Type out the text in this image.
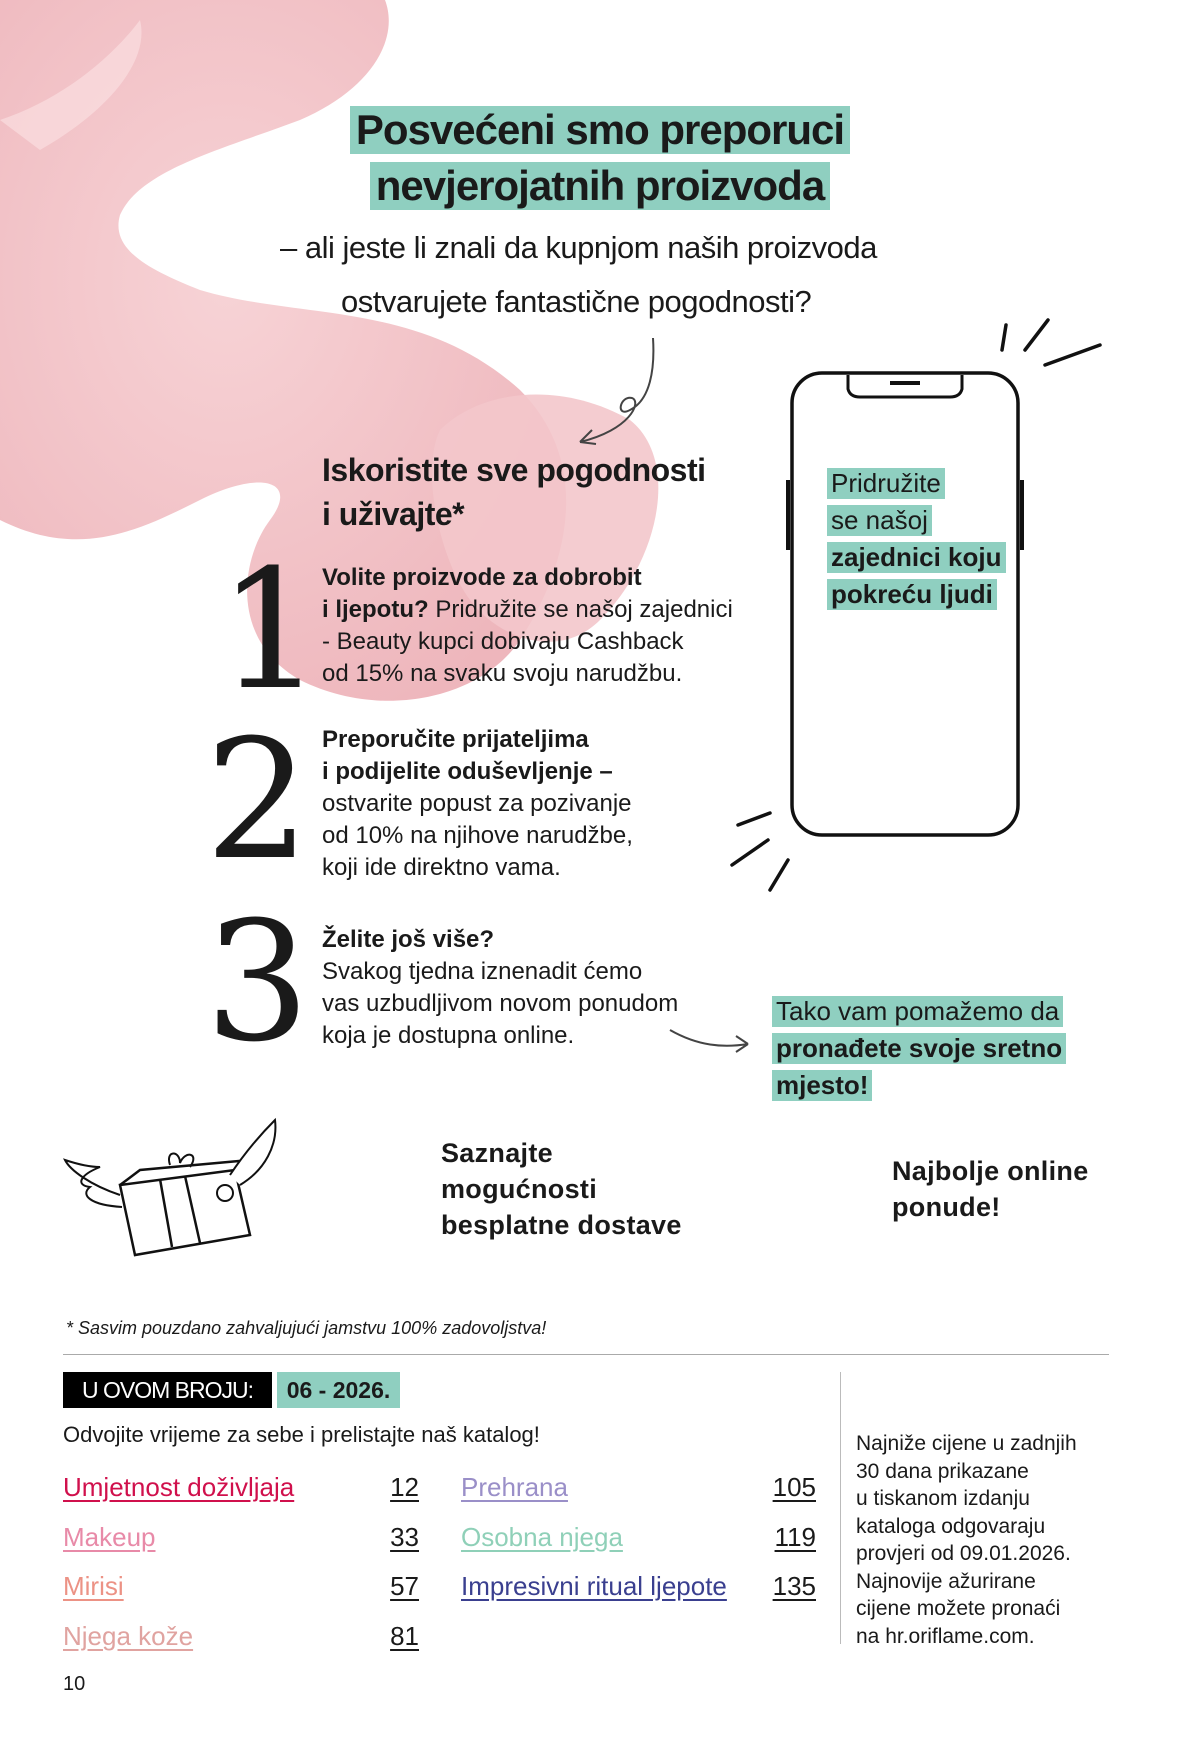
Posvećeni smo preporuci
nevjerojatnih proizvoda
– ali jeste li znali da kupnjom naših proizvoda
ostvarujete fantastične pogodnosti?
Iskoristite sve pogodnosti
i uživajte*
1 Volite proizvode za dobrobit
i ljepotu? Pridružite se našoj zajednici
- Beauty kupci dobivaju Cashback
od 15% na svaku svoju narudžbu.
2 Preporučite prijateljima
i podijelite oduševljenje –
ostvarite popust za pozivanje
od 10% na njihove narudžbe,
koji ide direktno vama.
3 Želite još više?
Svakog tjedna iznenadit ćemo
vas uzbudljivom novom ponudom
koja je dostupna online.
Pridružite
se našoj
zajednici koju
pokreću ljudi
Tako vam pomažemo da
pronađete svoje sretno
mjesto!
Saznajte
mogućnosti
besplatne dostave
Najbolje online
ponude!
* Sasvim pouzdano zahvaljujući jamstvu 100% zadovoljstva!
U OVOM BROJU:	06 - 2026.
Odvojite vrijeme za sebe i prelistajte naš katalog!
Umjetnost doživljaja	12
Makeup	33
Mirisi	57
Njega kože	81
Prehrana	105
Osobna njega	119
Impresivni ritual ljepote	135
Najniže cijene u zadnjih
30 dana prikazane
u tiskanom izdanju
kataloga odgovaraju
provjeri od 09.01.2026.
Najnovije ažurirane
cijene možete pronaći
na hr.oriflame.com.
10
